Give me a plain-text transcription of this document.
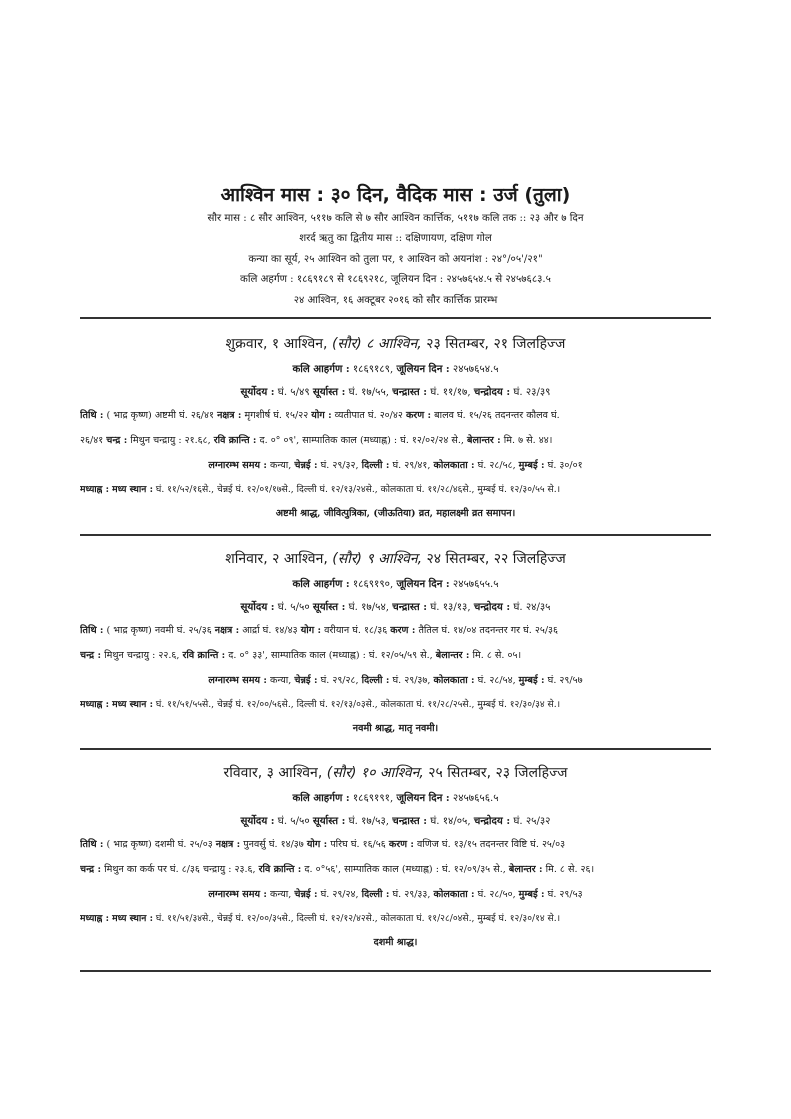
आश्विन मास : ३० दिन, वैदिक मास : उर्ज (तुला)
सौर मास : ८ सौर आश्विन, ५११७ कलि से ७ सौर आश्विन कार्त्तिक, ५११७ कलि तक :: २३ और ७ दिन
शरर्द ऋतु का द्वितीय मास :: दक्षिणायण, दक्षिण गोल
कन्या का सूर्य, २५ आश्विन को तुला पर, १ आश्विन को अयनांश : २४°/०५'/२१"
कलि अहर्गण : १८६९१८९ से १८६९२१८, जूलियन दिन : २४५७६५४.५ से २४५७६८३.५
२४ आश्विन, १६ अक्टूबर २०१६ को सौर कार्त्तिक प्रारम्भ
शुक्रवार, १ आश्विन, (सौर) ८ आश्विन, २३ सितम्बर, २१ जिलहिज्ज
कलि आहर्गण : १८६९१८९, जूलियन दिन : २४५७६५४.५
सूर्योदय : घं. ५/४९ सूर्यास्त : घं. १७/५५, चन्द्रास्त : घं. ११/१७, चन्द्रोदय : घं. २३/३९
तिथि : ( भाद्र कृष्ण) अष्टमी घं. २६/४१ नक्षत्र : मृगशीर्ष घं. १५/२२ योग : व्यतीपात घं. २०/४२ करण : बालव घं. १५/२६ तदनन्तर कौलव घं.
२६/४१ चन्द्र : मिथुन चन्द्रायु : २१.६८, रवि क्रान्ति : द. ०° ०९', साम्पातिक काल (मध्याह्न) : घं. १२/०२/२४ से., बेलान्तर : मि. ७ से. ४४।
लग्नारम्भ समय : कन्या, चेन्नई : घं. २९/३२, दिल्ली : घं. २९/४१, कोलकाता : घं. २८/५८, मुम्बई : घं. ३०/०१
मध्याह्न : मध्य स्थान : घं. ११/५२/१६से., चेन्नई घं. १२/०१/१७से., दिल्ली घं. १२/१३/२४से., कोलकाता घं. ११/२८/४६से., मुम्बई घं. १२/३०/५५ से.।
अष्टमी श्राद्ध, जीवित्पुत्रिका, (जीऊतिया) व्रत, महालक्ष्मी व्रत समापन।
शनिवार, २ आश्विन, (सौर) ९ आश्विन, २४ सितम्बर, २२ जिलहिज्ज
कलि आहर्गण : १८६९१९०, जूलियन दिन : २४५७६५५.५
सूर्योदय : घं. ५/५० सूर्यास्त : घं. १७/५४, चन्द्रास्त : घं. १३/१३, चन्द्रोदय : घं. २४/३५
तिथि : ( भाद्र कृष्ण) नवमी घं. २५/३६ नक्षत्र : आर्द्रा घं. १४/४३ योग : वरीयान घं. १८/३६ करण : तैतिल घं. १४/०४ तदनन्तर गर घं. २५/३६
चन्द्र : मिथुन चन्द्रायु : २२.६, रवि क्रान्ति : द. ०° ३३', साम्पातिक काल (मध्याह्न) : घं. १२/०५/५९ से., बेलान्तर : मि. ८ से. ०५।
लग्नारम्भ समय : कन्या, चेन्नई : घं. २९/२८, दिल्ली : घं. २९/३७, कोलकाता : घं. २८/५४, मुम्बई : घं. २९/५७
मध्याह्न : मध्य स्थान : घं. ११/५१/५५से., चेन्नई घं. १२/००/५६से., दिल्ली घं. १२/१३/०३से., कोलकाता घं. ११/२८/२५से., मुम्बई घं. १२/३०/३४ से.।
नवमी श्राद्ध, मातृ नवमी।
रविवार, ३ आश्विन, (सौर) १० आश्विन, २५ सितम्बर, २३ जिलहिज्ज
कलि आहर्गण : १८६९१९१, जूलियन दिन : २४५७६५६.५
सूर्योदय : घं. ५/५० सूर्यास्त : घं. १७/५३, चन्द्रास्त : घं. १४/०५, चन्द्रोदय : घं. २५/३२
तिथि : ( भाद्र कृष्ण) दशमी घं. २५/०३ नक्षत्र : पुनवर्सु घं. १४/३७ योग : परिघ घं. १६/५६ करण : वणिज घं. १३/१५ तदनन्तर विष्टि घं. २५/०३
चन्द्र : मिथुन का कर्क पर घं. ८/३६ चन्द्रायु : २३.६, रवि क्रान्ति : द. ०°५६', साम्पातिक काल (मध्याह्न) : घं. १२/०९/३५ से., बेलान्तर : मि. ८ से. २६।
लग्नारम्भ समय : कन्या, चेन्नई : घं. २९/२४, दिल्ली : घं. २९/३३, कोलकाता : घं. २८/५०, मुम्बई : घं. २९/५३
मध्याह्न : मध्य स्थान : घं. ११/५१/३४से., चेन्नई घं. १२/००/३५से., दिल्ली घं. १२/१२/४२से., कोलकाता घं. ११/२८/०४से., मुम्बई घं. १२/३०/१४ से.।
दशमी श्राद्ध।
